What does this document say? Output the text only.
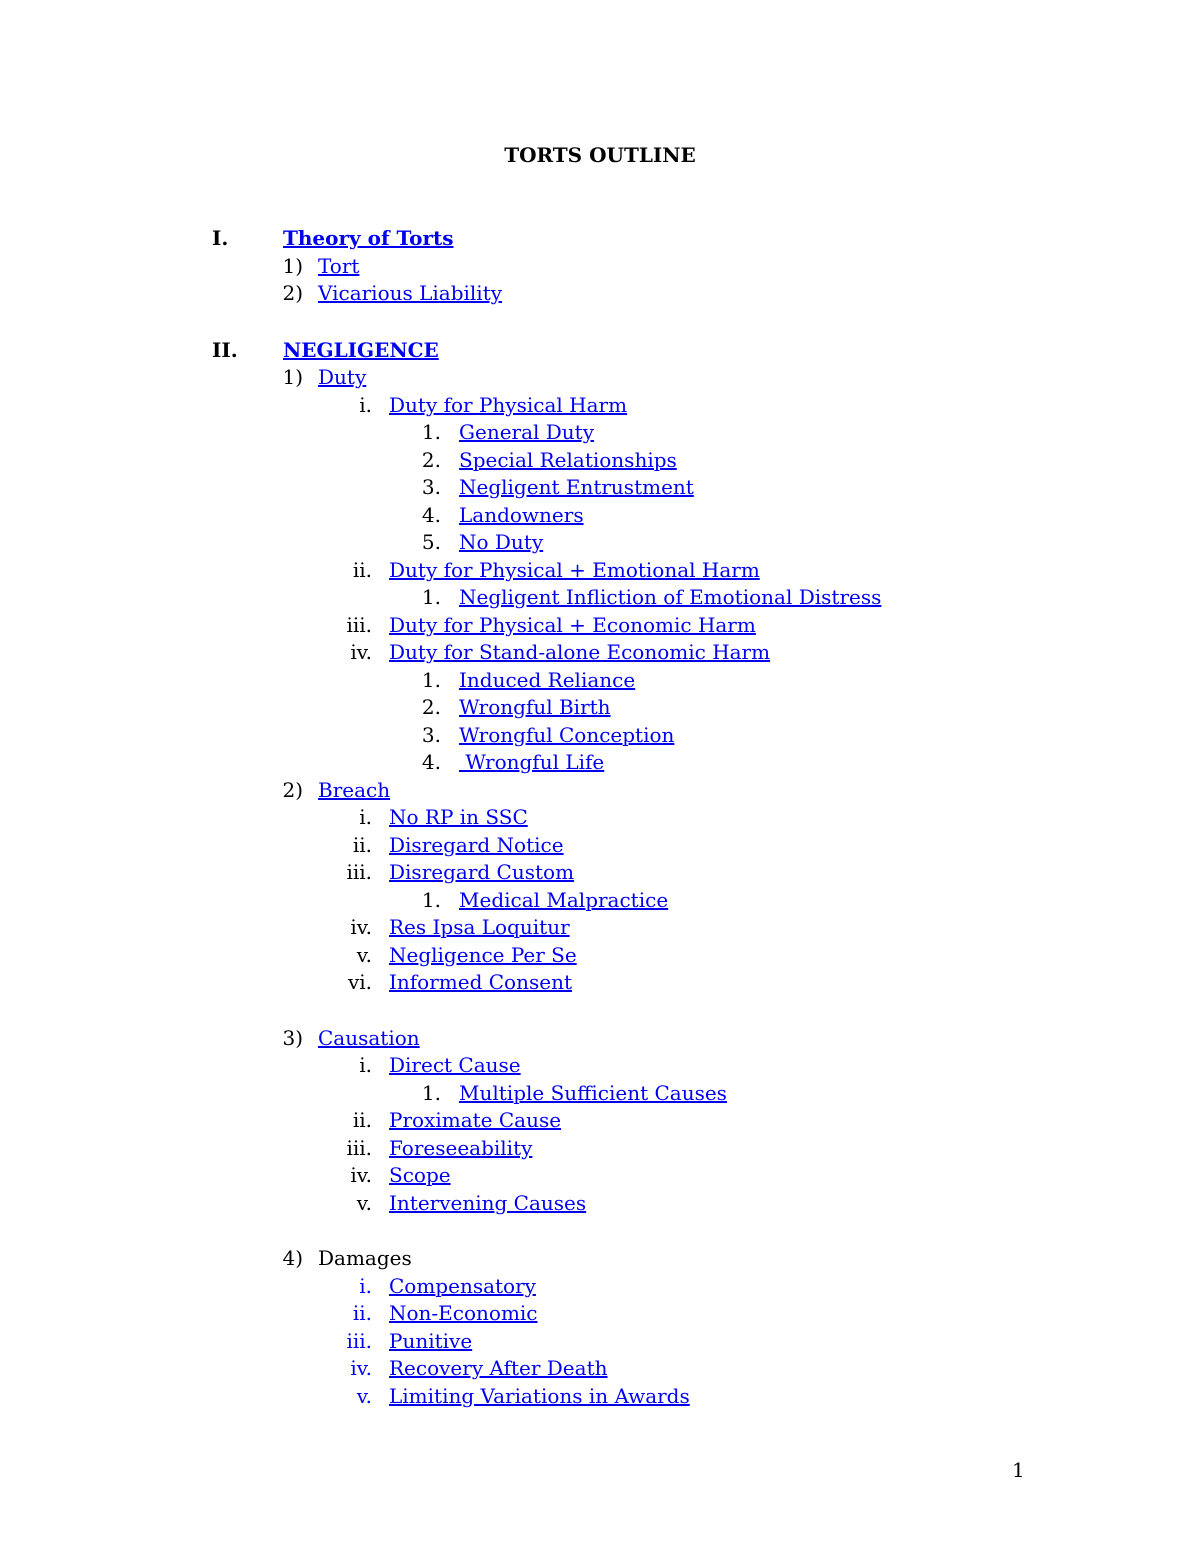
TORTS OUTLINE
I.	Theory of Torts
1) Tort
2) Vicarious Liability
II. NEGLIGENCE
1) Duty
i. Duty for Physical Harm
1. General Duty
2. Special Relationships
3. Negligent Entrustment
4. Landowners
5. No Duty
ii. Duty for Physical + Emotional Harm
1. Negligent Infliction of Emotional Distress
iii. Duty for Physical + Economic Harm
iv. Duty for Stand-alone Economic Harm
1. Induced Reliance
2. Wrongful Birth
3. Wrongful Conception
4. Wrongful Life
2) Breach
i. No RP in SSC
ii. Disregard Notice
iii. Disregard Custom
1. Medical Malpractice
iv. Res Ipsa Loquitur
v. Negligence Per Se
vi. Informed Consent
3) Causation
i. Direct Cause
1. Multiple Sufficient Causes
ii. Proximate Cause
iii. Foreseeability
iv. Scope
v. Intervening Causes
4) Damages
i. Compensatory
ii. Non-Economic
iii. Punitive
iv. Recovery After Death
v. Limiting Variations in Awards
1
